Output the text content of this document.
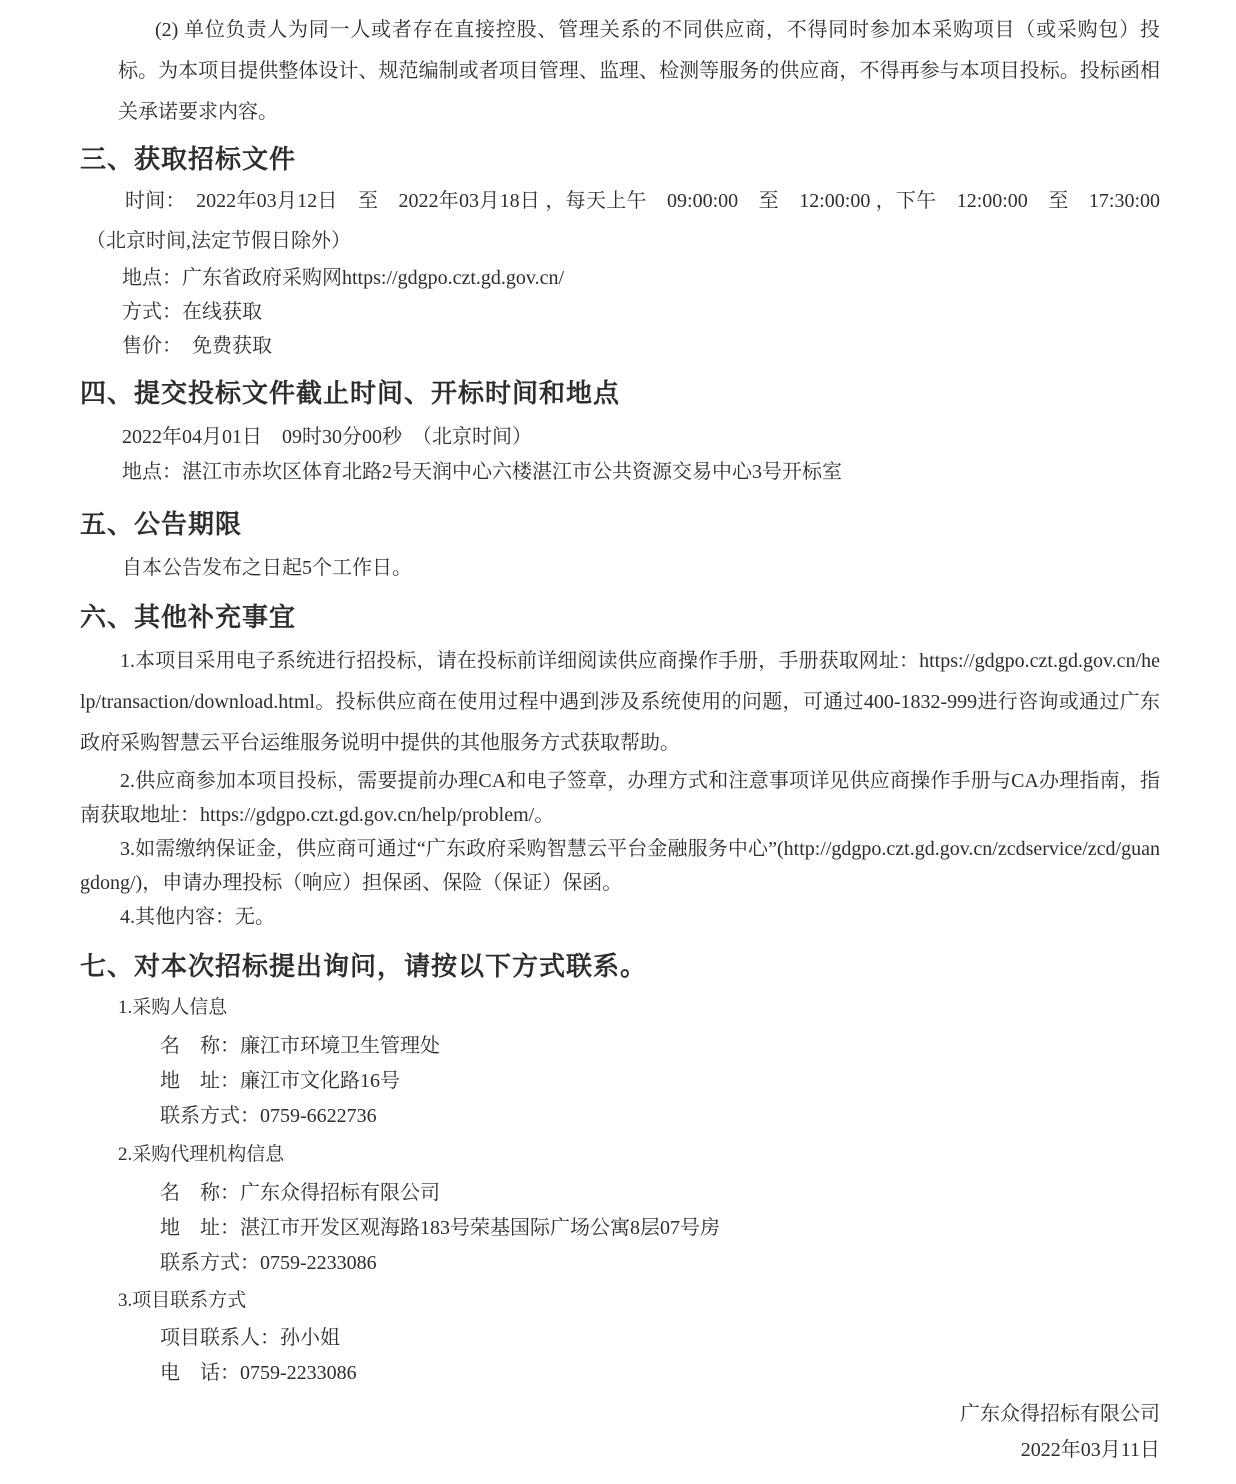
(2) 单位负责人为同一人或者存在直接控股、管理关系的不同供应商，不得同时参加本采购项目（或采购包）投标。为本项目提供整体设计、规范编制或者项目管理、监理、检测等服务的供应商，不得再参与本项目投标。投标函相关承诺要求内容。

三、获取招标文件

时间：　2022年03月12日　至　2022年03月18日 ，每天上午　09:00:00　至　12:00:00 ，下午　12:00:00　至　17:30:00

（北京时间,法定节假日除外）

地点：广东省政府采购网https://gdgpo.czt.gd.gov.cn/

方式：在线获取

售价：　免费获取

四、提交投标文件截止时间、开标时间和地点

2022年04月01日　09时30分00秒　（北京时间）

地点：湛江市赤坎区体育北路2号天润中心六楼湛江市公共资源交易中心3号开标室

五、公告期限

自本公告发布之日起5个工作日。

六、其他补充事宜

1.本项目采用电子系统进行招投标，请在投标前详细阅读供应商操作手册，手册获取网址：https://gdgpo.czt.gd.gov.cn/help/transaction/download.html。投标供应商在使用过程中遇到涉及系统使用的问题，可通过400-1832-999进行咨询或通过广东政府采购智慧云平台运维服务说明中提供的其他服务方式获取帮助。

2.供应商参加本项目投标，需要提前办理CA和电子签章，办理方式和注意事项详见供应商操作手册与CA办理指南，指南获取地址：https://gdgpo.czt.gd.gov.cn/help/problem/。

3.如需缴纳保证金，供应商可通过“广东政府采购智慧云平台金融服务中心”(http://gdgpo.czt.gd.gov.cn/zcdservice/zcd/guangdong/)，申请办理投标（响应）担保函、保险（保证）保函。

4.其他内容：无。

七、对本次招标提出询问，请按以下方式联系。

1.采购人信息

名　称：廉江市环境卫生管理处

地　址：廉江市文化路16号

联系方式：0759-6622736

2.采购代理机构信息

名　称：广东众得招标有限公司

地　址：湛江市开发区观海路183号荣基国际广场公寓8层07号房

联系方式：0759-2233086

3.项目联系方式

项目联系人：孙小姐

电　话：0759-2233086

广东众得招标有限公司

2022年03月11日
